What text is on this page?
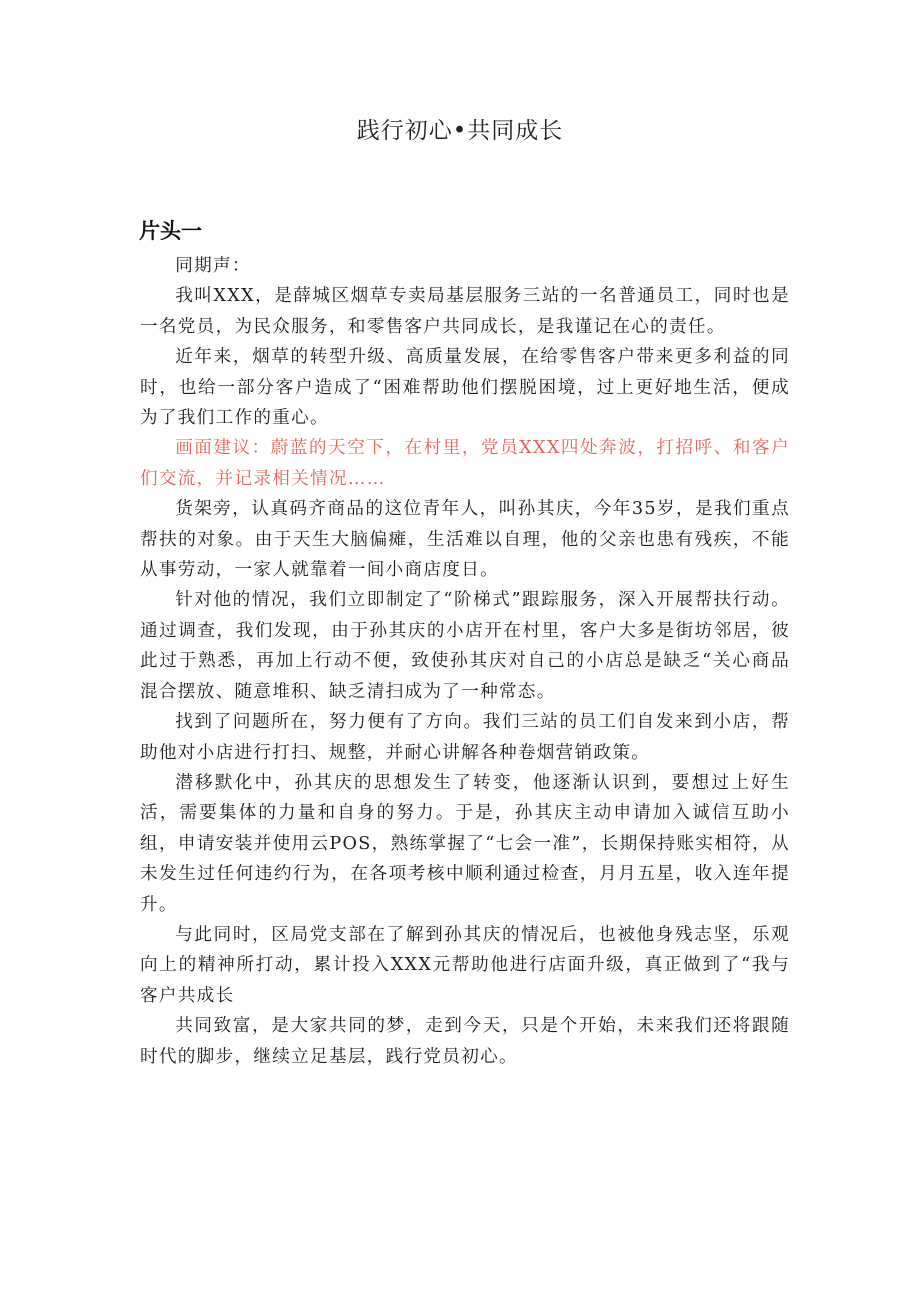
践行初心•共同成长
片头一

同期声：

我叫XXX，是薛城区烟草专卖局基层服务三站的一名普通员工，同时也是一名党员，为民众服务，和零售客户共同成长，是我谨记在心的责任。

近年来，烟草的转型升级、高质量发展，在给零售客户带来更多利益的同时，也给一部分客户造成了“困难帮助他们摆脱困境，过上更好地生活，便成为了我们工作的重心。

画面建议：蔚蓝的天空下，在村里，党员XXX四处奔波，打招呼、和客户们交流，并记录相关情况……

货架旁，认真码齐商品的这位青年人，叫孙其庆，今年35岁，是我们重点帮扶的对象。由于天生大脑偏瘫，生活难以自理，他的父亲也患有残疾，不能从事劳动，一家人就靠着一间小商店度日。

针对他的情况，我们立即制定了“阶梯式”跟踪服务，深入开展帮扶行动。通过调查，我们发现，由于孙其庆的小店开在村里，客户大多是街坊邻居，彼此过于熟悉，再加上行动不便，致使孙其庆对自己的小店总是缺乏“关心商品混合摆放、随意堆积、缺乏清扫成为了一种常态。

找到了问题所在，努力便有了方向。我们三站的员工们自发来到小店，帮助他对小店进行打扫、规整，并耐心讲解各种卷烟营销政策。

潜移默化中，孙其庆的思想发生了转变，他逐渐认识到，要想过上好生活，需要集体的力量和自身的努力。于是，孙其庆主动申请加入诚信互助小组，申请安装并使用云POS，熟练掌握了“七会一准”，长期保持账实相符，从未发生过任何违约行为，在各项考核中顺利通过检查，月月五星，收入连年提升。

与此同时，区局党支部在了解到孙其庆的情况后，也被他身残志坚，乐观向上的精神所打动，累计投入XXX元帮助他进行店面升级，真正做到了“我与客户共成长

共同致富，是大家共同的梦，走到今天，只是个开始，未来我们还将跟随时代的脚步，继续立足基层，践行党员初心。
